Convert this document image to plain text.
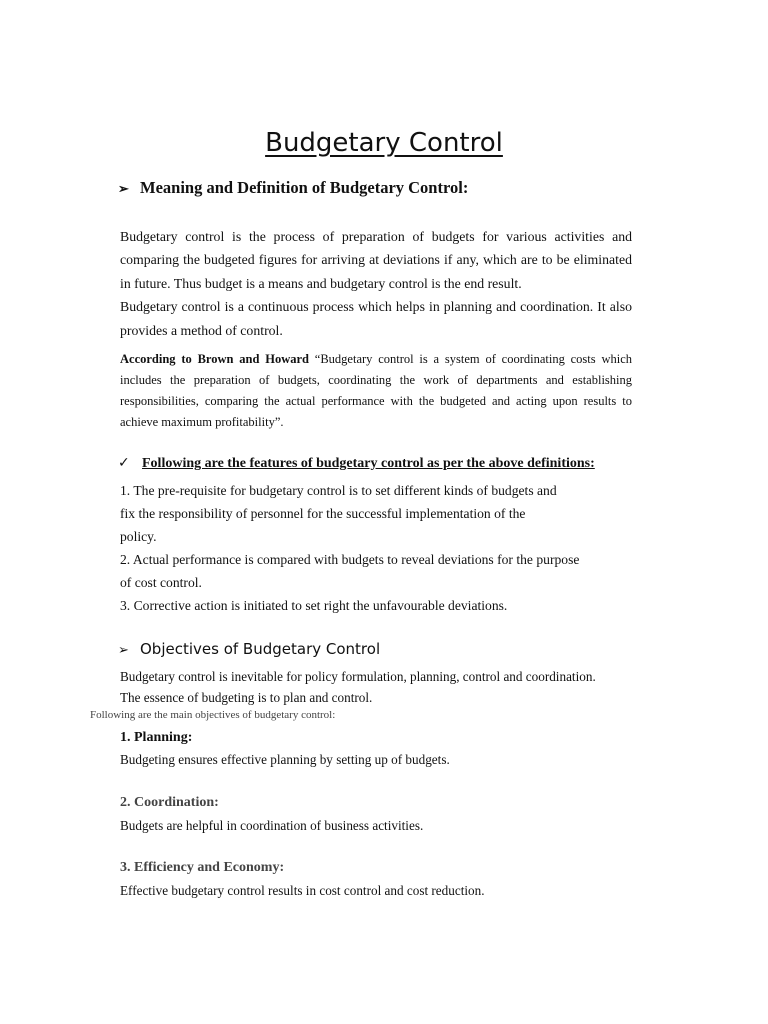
Budgetary Control
➢ Meaning and Definition of Budgetary Control:

Budgetary control is the process of preparation of budgets for various activities and comparing the budgeted figures for arriving at deviations if any, which are to be eliminated in future. Thus budget is a means and budgetary control is the end result.

Budgetary control is a continuous process which helps in planning and coordination. It also provides a method of control.

According to Brown and Howard “Budgetary control is a system of coordinating costs which includes the preparation of budgets, coordinating the work of departments and establishing responsibilities, comparing the actual performance with the budgeted and acting upon results to achieve maximum profitability”.
✓ Following are the features of budgetary control as per the above definitions:
1. The pre-requisite for budgetary control is to set different kinds of budgets and
fix the responsibility of personnel for the successful implementation of the
policy.
2. Actual performance is compared with budgets to reveal deviations for the purpose
of cost control.
3. Corrective action is initiated to set right the unfavourable deviations.
➢ Objectives of Budgetary Control
Budgetary control is inevitable for policy formulation, planning, control and coordination.
The essence of budgeting is to plan and control.
Following are the main objectives of budgetary control:
1. Planning:
Budgeting ensures effective planning by setting up of budgets.
2. Coordination:
Budgets are helpful in coordination of business activities.
3. Efficiency and Economy:
Effective budgetary control results in cost control and cost reduction.
